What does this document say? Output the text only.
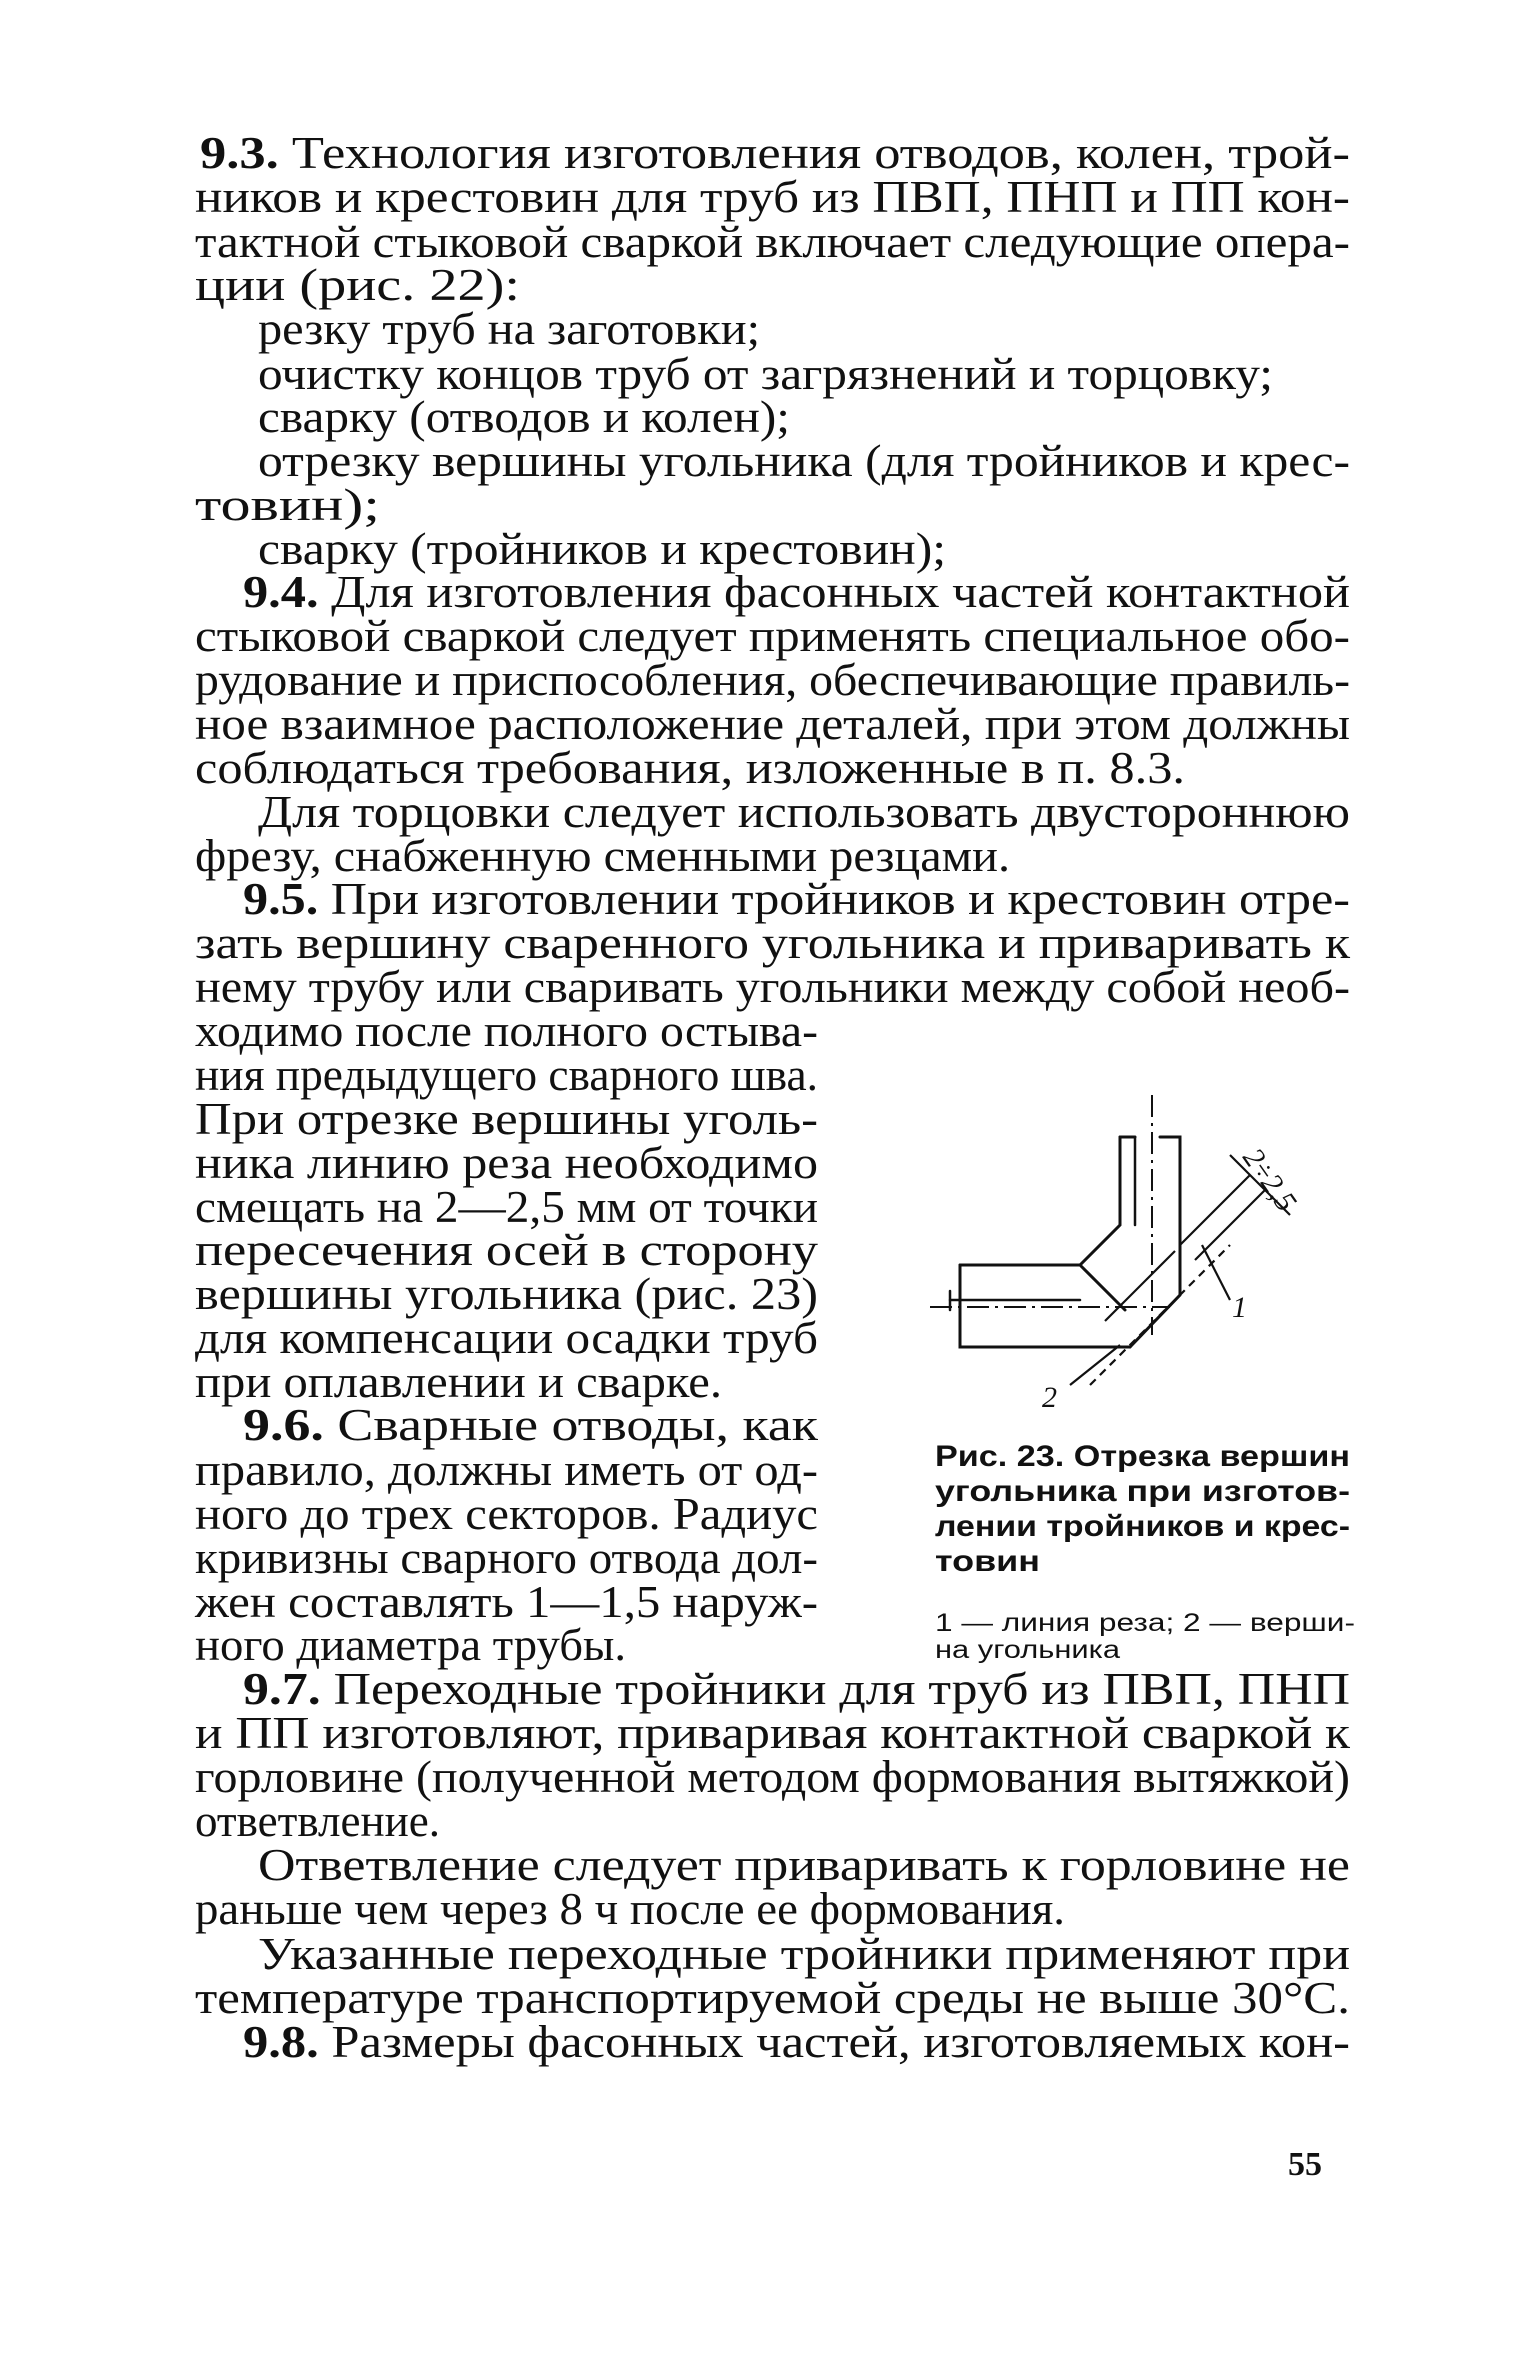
9.3. Технология изготовления отводов, колен, трой-
ников и крестовин для труб из ПВП, ПНП и ПП кон-
тактной стыковой сваркой включает следующие опера-
ции (рис. 22):
резку труб на заготовки;
очистку концов труб от загрязнений и торцовку;
сварку (отводов и колен);
отрезку вершины угольника (для тройников и крес-
товин);
сварку (тройников и крестовин);
9.4. Для изготовления фасонных частей контактной
стыковой сваркой следует применять специальное обо-
рудование и приспособления, обеспечивающие правиль-
ное взаимное расположение деталей, при этом должны
соблюдаться требования, изложенные в п. 8.3.
Для торцовки следует использовать двустороннюю
фрезу, снабженную сменными резцами.
9.5. При изготовлении тройников и крестовин отре-
зать вершину сваренного угольника и приваривать к
нему трубу или сваривать угольники между собой необ-
ходимо после полного остыва-
ния предыдущего сварного шва.
При отрезке вершины уголь-
ника линию реза необходимо
смещать на 2—2,5 мм от точки
пересечения осей в сторону
вершины угольника (рис. 23)
для компенсации осадки труб
при оплавлении и сварке.
9.6. Сварные отводы, как
правило, должны иметь от од-
ного до трех секторов. Радиус
кривизны сварного отвода дол-
жен составлять 1—1,5 наруж-
ного диаметра трубы.
9.7. Переходные тройники для труб из ПВП, ПНП
и ПП изготовляют, приваривая контактной сваркой к
горловине (полученной методом формования вытяжкой)
ответвление.
Ответвление следует приваривать к горловине не
раньше чем через 8 ч после ее формования.
Указанные переходные тройники применяют при
температуре транспортируемой среды не выше 30°С.
9.8. Размеры фасонных частей, изготовляемых кон-
2÷2,5
1
2
Рис. 23. Отрезка вершин
угольника при изготов-
лении тройников и крес-
товин
1 — линия реза; 2 — верши-
на угольника
55
